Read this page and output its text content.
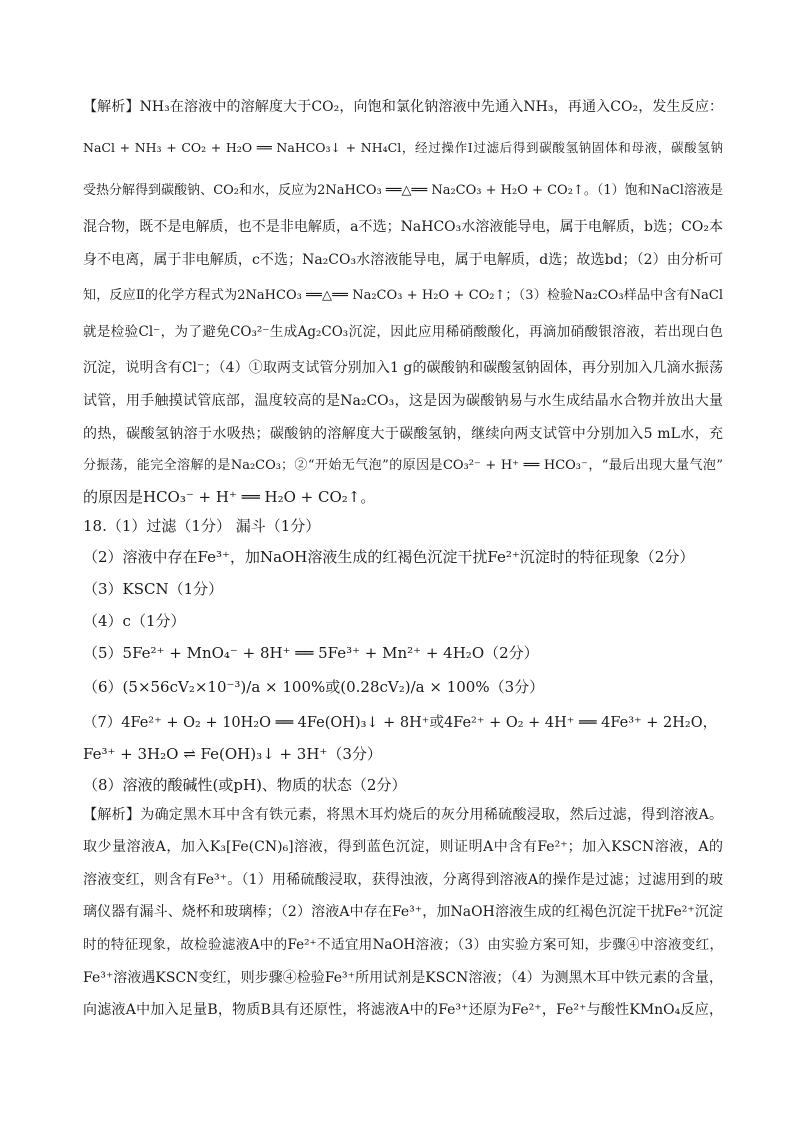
【解析】NH₃在溶液中的溶解度大于CO₂，向饱和氯化钠溶液中先通入NH₃，再通入CO₂，发生反应：
NaCl + NH₃ + CO₂ + H₂O ══ NaHCO₃↓ + NH₄Cl，经过操作Ⅰ过滤后得到碳酸氢钠固体和母液，碳酸氢钠
受热分解得到碳酸钠、CO₂和水，反应为2NaHCO₃ ══△══ Na₂CO₃ + H₂O + CO₂↑。（1）饱和NaCl溶液是
混合物，既不是电解质，也不是非电解质，a不选；NaHCO₃水溶液能导电，属于电解质，b选；CO₂本
身不电离，属于非电解质，c不选；Na₂CO₃水溶液能导电，属于电解质，d选；故选bd；（2）由分析可
知，反应Ⅱ的化学方程式为2NaHCO₃ ══△══ Na₂CO₃ + H₂O + CO₂↑；（3）检验Na₂CO₃样品中含有NaCl
就是检验Cl⁻，为了避免CO₃²⁻生成Ag₂CO₃沉淀，因此应用稀硝酸酸化，再滴加硝酸银溶液，若出现白色
沉淀，说明含有Cl⁻；（4）①取两支试管分别加入1 g的碳酸钠和碳酸氢钠固体，再分别加入几滴水振荡
试管，用手触摸试管底部，温度较高的是Na₂CO₃，这是因为碳酸钠易与水生成结晶水合物并放出大量
的热，碳酸氢钠溶于水吸热；碳酸钠的溶解度大于碳酸氢钠，继续向两支试管中分别加入5 mL水，充
分振荡，能完全溶解的是Na₂CO₃；②“开始无气泡”的原因是CO₃²⁻ + H⁺ ══ HCO₃⁻，“最后出现大量气泡”
的原因是HCO₃⁻ + H⁺ ══ H₂O + CO₂↑。
18.（1）过滤（1分） 漏斗（1分）
（2）溶液中存在Fe³⁺，加NaOH溶液生成的红褐色沉淀干扰Fe²⁺沉淀时的特征现象（2分）
（3）KSCN（1分）
（4）c（1分）
（5）5Fe²⁺ + MnO₄⁻ + 8H⁺ ══ 5Fe³⁺ + Mn²⁺ + 4H₂O（2分）
（6）(5×56cV₂×10⁻³)/a × 100%或(0.28cV₂)/a × 100%（3分）
（7）4Fe²⁺ + O₂ + 10H₂O ══ 4Fe(OH)₃↓ + 8H⁺或4Fe²⁺ + O₂ + 4H⁺ ══ 4Fe³⁺ + 2H₂O，
Fe³⁺ + 3H₂O ⇌ Fe(OH)₃↓ + 3H⁺（3分）
（8）溶液的酸碱性(或pH)、物质的状态（2分）
【解析】为确定黑木耳中含有铁元素，将黑木耳灼烧后的灰分用稀硫酸浸取，然后过滤，得到溶液A。
取少量溶液A，加入K₃[Fe(CN)₆]溶液，得到蓝色沉淀，则证明A中含有Fe²⁺；加入KSCN溶液，A的
溶液变红，则含有Fe³⁺。（1）用稀硫酸浸取，获得浊液，分离得到溶液A的操作是过滤；过滤用到的玻
璃仪器有漏斗、烧杯和玻璃棒；（2）溶液A中存在Fe³⁺，加NaOH溶液生成的红褐色沉淀干扰Fe²⁺沉淀
时的特征现象，故检验滤液A中的Fe²⁺不适宜用NaOH溶液；（3）由实验方案可知，步骤④中溶液变红，
Fe³⁺溶液遇KSCN变红，则步骤④检验Fe³⁺所用试剂是KSCN溶液；（4）为测黑木耳中铁元素的含量，
向滤液A中加入足量B，物质B具有还原性，将滤液A中的Fe³⁺还原为Fe²⁺，Fe²⁺与酸性KMnO₄反应，
